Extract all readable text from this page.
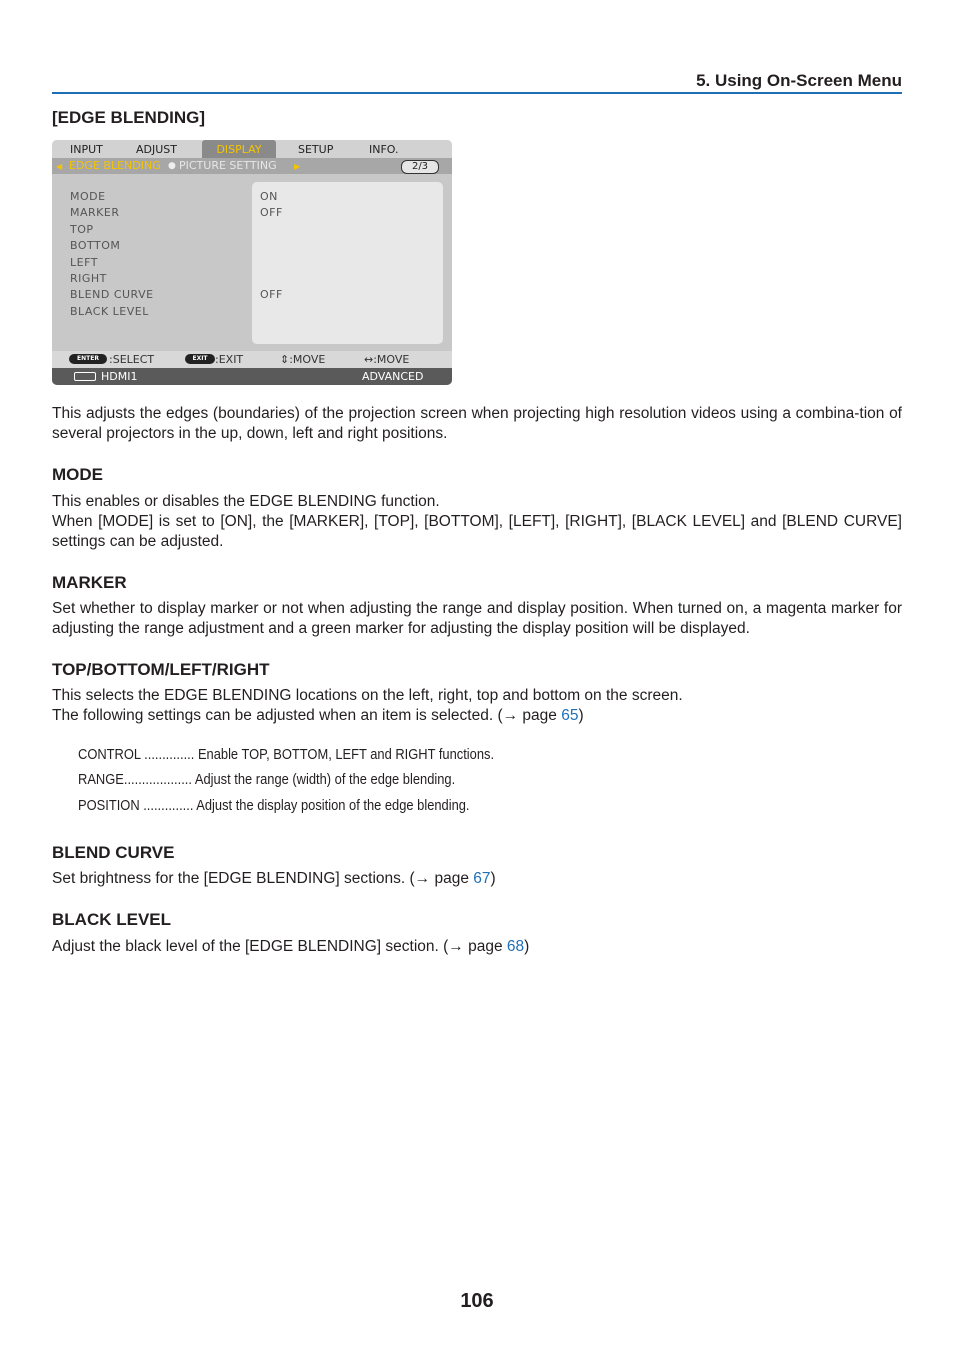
5. Using On-Screen Menu
[EDGE BLENDING]
INPUT	ADJUST	DISPLAY	SETUP	INFO.
◀ EDGE BLENDING ● PICTURE SETTING ▶	2/3
MODE	ON
MARKER	OFF
TOP
BOTTOM
LEFT
RIGHT
BLEND CURVE	OFF
BLACK LEVEL
ENTER :SELECT	EXIT :EXIT	⇕:MOVE	↔:MOVE
HDMI1	ADVANCED
This adjusts the edges (boundaries) of the projection screen when projecting high resolution videos using a combina-tion of several projectors in the up, down, left and right positions.
MODE
This enables or disables the EDGE BLENDING function.
When [MODE] is set to [ON], the [MARKER], [TOP], [BOTTOM], [LEFT], [RIGHT], [BLACK LEVEL] and [BLEND CURVE] settings can be adjusted.
MARKER
Set whether to display marker or not when adjusting the range and display position. When turned on, a magenta marker for adjusting the range adjustment and a green marker for adjusting the display position will be displayed.
TOP/BOTTOM/LEFT/RIGHT
This selects the EDGE BLENDING locations on the left, right, top and bottom on the screen.
The following settings can be adjusted when an item is selected. (→ page 65)
CONTROL .............. Enable TOP, BOTTOM, LEFT and RIGHT functions.
RANGE................... Adjust the range (width) of the edge blending.
POSITION .............. Adjust the display position of the edge blending.
BLEND CURVE
Set brightness for the [EDGE BLENDING] sections. (→ page 67)
BLACK LEVEL
Adjust the black level of the [EDGE BLENDING] section. (→ page 68)
106
